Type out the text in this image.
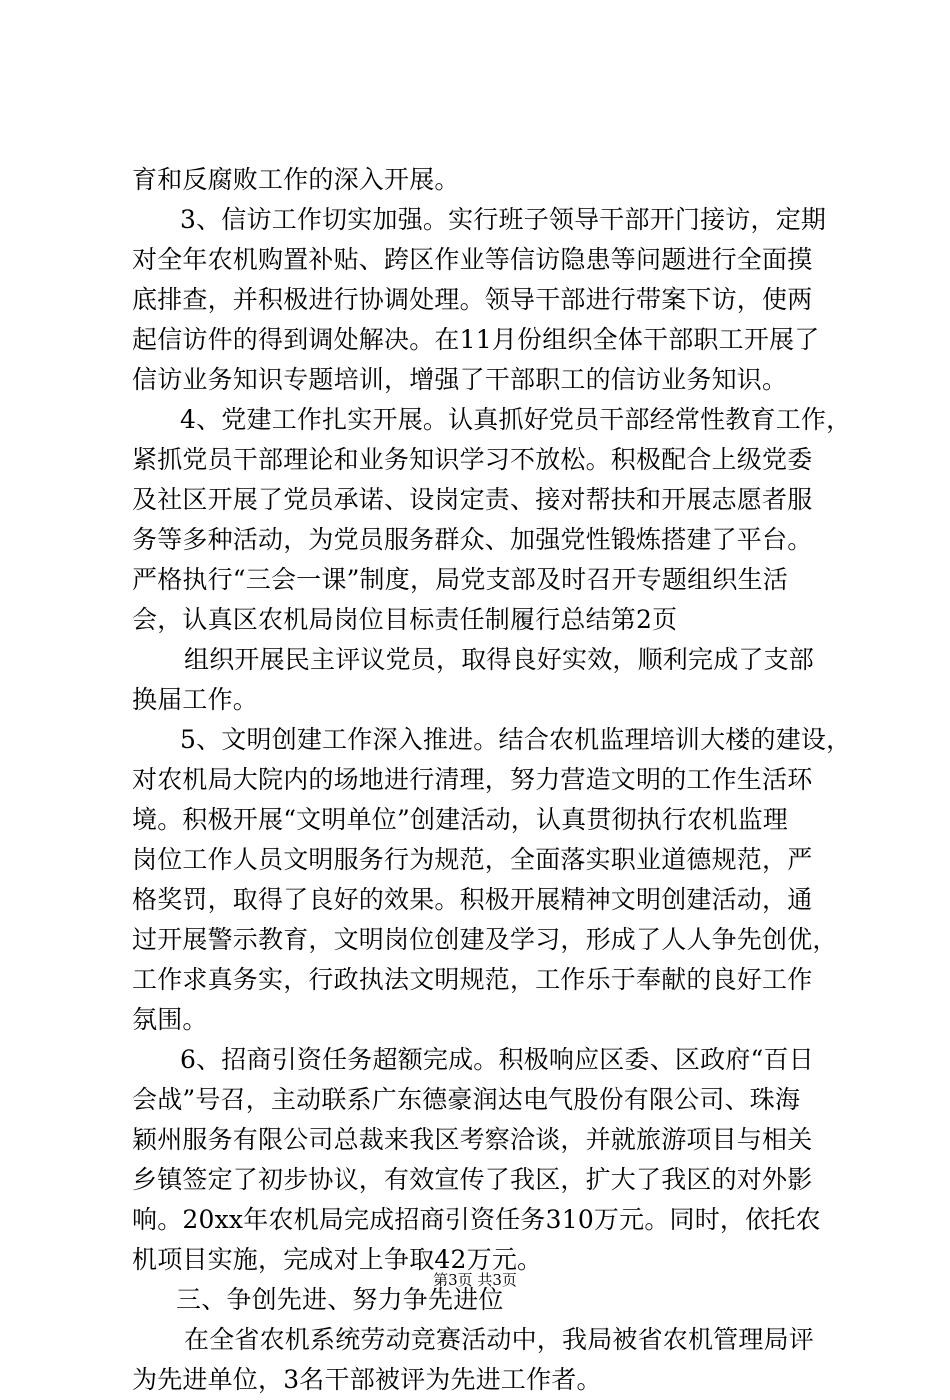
育和反腐败工作的深入开展。
3、信访工作切实加强。实行班子领导干部开门接访，定期
对全年农机购置补贴、跨区作业等信访隐患等问题进行全面摸
底排查，并积极进行协调处理。领导干部进行带案下访，使两
起信访件的得到调处解决。在11月份组织全体干部职工开展了
信访业务知识专题培训，增强了干部职工的信访业务知识。
4、党建工作扎实开展。认真抓好党员干部经常性教育工作，
紧抓党员干部理论和业务知识学习不放松。积极配合上级党委
及社区开展了党员承诺、设岗定责、接对帮扶和开展志愿者服
务等多种活动，为党员服务群众、加强党性锻炼搭建了平台。
严格执行“三会一课”制度，局党支部及时召开专题组织生活
会，认真区农机局岗位目标责任制履行总结第2页
组织开展民主评议党员，取得良好实效，顺利完成了支部
换届工作。
5、文明创建工作深入推进。结合农机监理培训大楼的建设，
对农机局大院内的场地进行清理，努力营造文明的工作生活环
境。积极开展“文明单位”创建活动，认真贯彻执行农机监理
岗位工作人员文明服务行为规范，全面落实职业道德规范，严
格奖罚，取得了良好的效果。积极开展精神文明创建活动，通
过开展警示教育，文明岗位创建及学习，形成了人人争先创优，
工作求真务实，行政执法文明规范，工作乐于奉献的良好工作
氛围。
6、招商引资任务超额完成。积极响应区委、区政府“百日
会战”号召，主动联系广东德豪润达电气股份有限公司、珠海
颖州服务有限公司总裁来我区考察洽谈，并就旅游项目与相关
乡镇签定了初步协议，有效宣传了我区，扩大了我区的对外影
响。20xx年农机局完成招商引资任务310万元。同时，依托农
机项目实施，完成对上争取42万元。
三、争创先进、努力争先进位
在全省农机系统劳动竞赛活动中，我局被省农机管理局评
为先进单位，3名干部被评为先进工作者。
第3页 共3页
